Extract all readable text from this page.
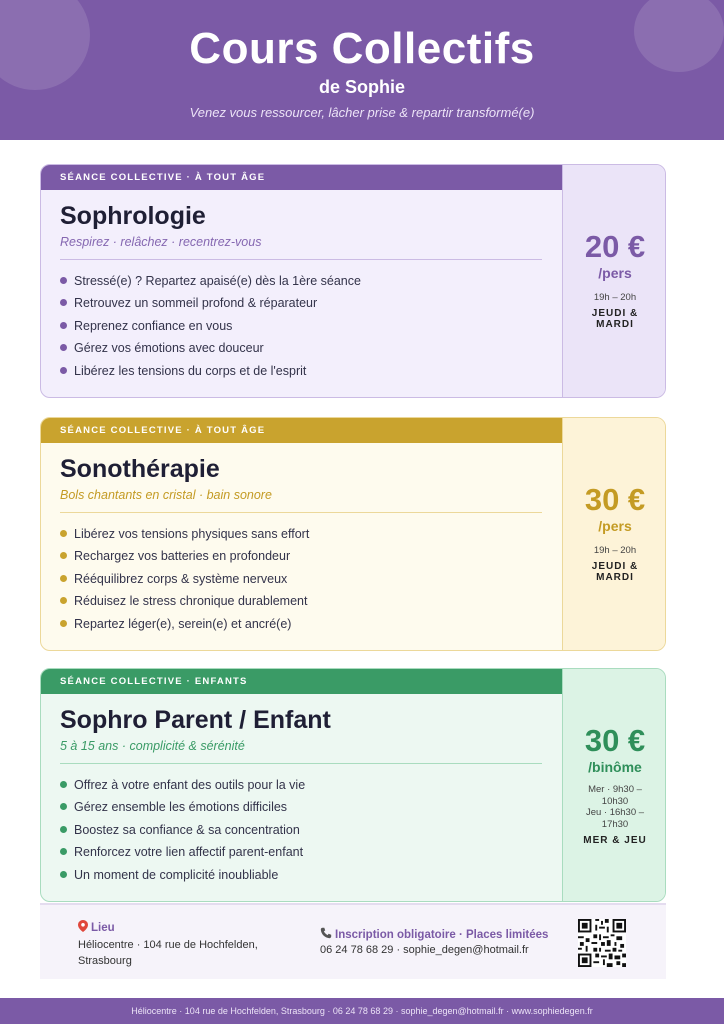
Cours Collectifs
de Sophie
Venez vous ressourcer, lâcher prise & repartir transformé(e)
SÉANCE COLLECTIVE · À TOUT ÂGE
Sophrologie
Respirez · relâchez · recentrez-vous
Stressé(e) ? Repartez apaisé(e) dès la 1ère séance
Retrouvez un sommeil profond & réparateur
Reprenez confiance en vous
Gérez vos émotions avec douceur
Libérez les tensions du corps et de l'esprit
20 €
/pers
19h – 20h
JEUDI &
MARDI
SÉANCE COLLECTIVE · À TOUT ÂGE
Sonothérapie
Bols chantants en cristal · bain sonore
Libérez vos tensions physiques sans effort
Rechargez vos batteries en profondeur
Rééquilibrez corps & système nerveux
Réduisez le stress chronique durablement
Repartez léger(e), serein(e) et ancré(e)
30 €
/pers
19h – 20h
JEUDI &
MARDI
SÉANCE COLLECTIVE · ENFANTS
Sophro Parent / Enfant
5 à 15 ans · complicité & sérénité
Offrez à votre enfant des outils pour la vie
Gérez ensemble les émotions difficiles
Boostez sa confiance & sa concentration
Renforcez votre lien affectif parent-enfant
Un moment de complicité inoubliable
30 €
/binôme
Mer · 9h30 –
10h30
Jeu · 16h30 –
17h30
MER & JEU
Lieu
Héliocentre · 104 rue de Hochfelden, Strasbourg
Inscription obligatoire · Places limitées
06 24 78 68 29 · sophie_degen@hotmail.fr
Héliocentre · 104 rue de Hochfelden, Strasbourg · 06 24 78 68 29 · sophie_degen@hotmail.fr · www.sophiedegen.fr
